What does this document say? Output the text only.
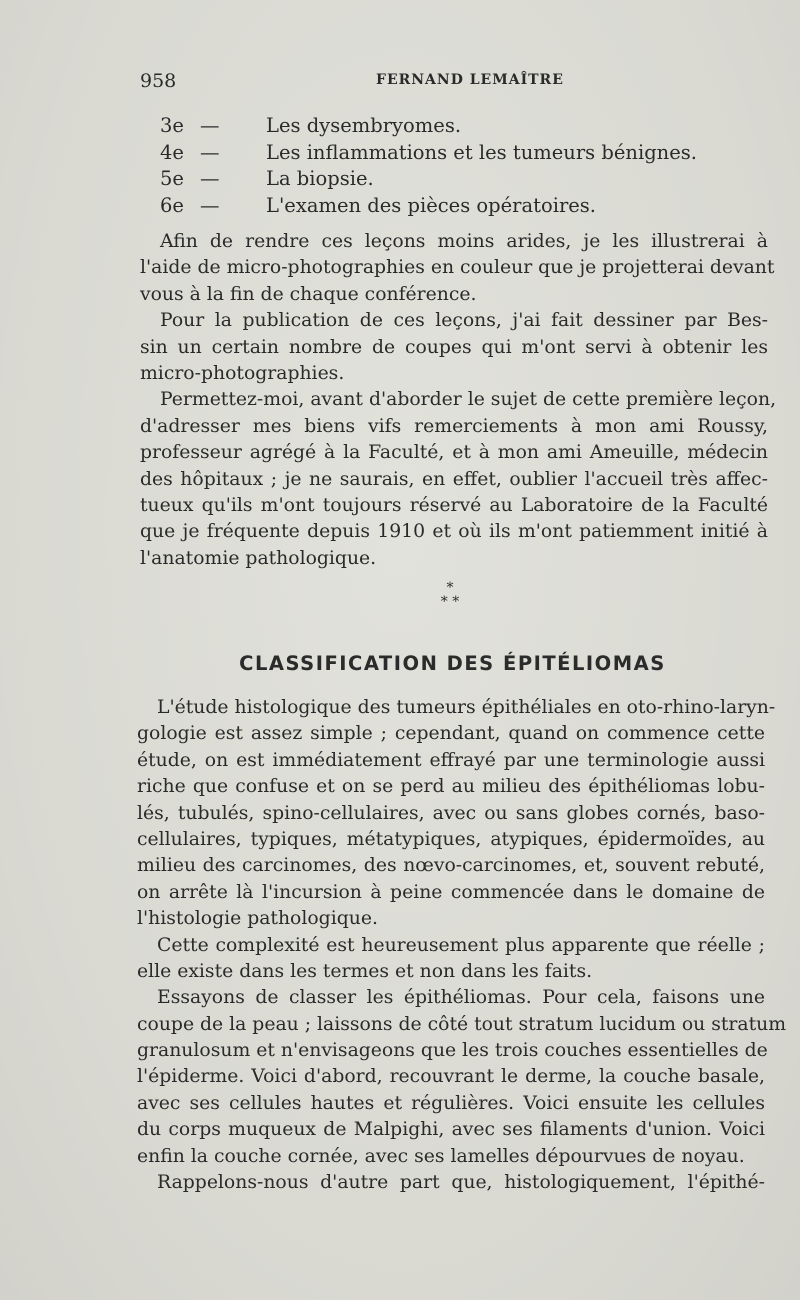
958	FERNAND LEMAÎTRE
3e — Les dysembryomes.
4e — Les inflammations et les tumeurs bénignes.
5e — La biopsie.
6e — L'examen des pièces opératoires.
Afin de rendre ces leçons moins arides, je les illustrerai à
l'aide de micro-photographies en couleur que je projetterai devant
vous à la fin de chaque conférence.
Pour la publication de ces leçons, j'ai fait dessiner par Bes-
sin un certain nombre de coupes qui m'ont servi à obtenir les
micro-photographies.
Permettez-moi, avant d'aborder le sujet de cette première leçon,
d'adresser mes biens vifs remerciements à mon ami Roussy,
professeur agrégé à la Faculté, et à mon ami Ameuille, médecin
des hôpitaux ; je ne saurais, en effet, oublier l'accueil très affec-
tueux qu'ils m'ont toujours réservé au Laboratoire de la Faculté
que je fréquente depuis 1910 et où ils m'ont patiemment initié à
l'anatomie pathologique.
*
* *
CLASSIFICATION DES ÉPITÉLIOMAS
L'étude histologique des tumeurs épithéliales en oto-rhino-laryn-
gologie est assez simple ; cependant, quand on commence cette
étude, on est immédiatement effrayé par une terminologie aussi
riche que confuse et on se perd au milieu des épithéliomas lobu-
lés, tubulés, spino-cellulaires, avec ou sans globes cornés, baso-
cellulaires, typiques, métatypiques, atypiques, épidermoïdes, au
milieu des carcinomes, des nœvo-carcinomes, et, souvent rebuté,
on arrête là l'incursion à peine commencée dans le domaine de
l'histologie pathologique.
Cette complexité est heureusement plus apparente que réelle ;
elle existe dans les termes et non dans les faits.
Essayons de classer les épithéliomas. Pour cela, faisons une
coupe de la peau ; laissons de côté tout stratum lucidum ou stratum
granulosum et n'envisageons que les trois couches essentielles de
l'épiderme. Voici d'abord, recouvrant le derme, la couche basale,
avec ses cellules hautes et régulières. Voici ensuite les cellules
du corps muqueux de Malpighi, avec ses filaments d'union. Voici
enfin la couche cornée, avec ses lamelles dépourvues de noyau.
Rappelons-nous d'autre part que, histologiquement, l'épithé-
